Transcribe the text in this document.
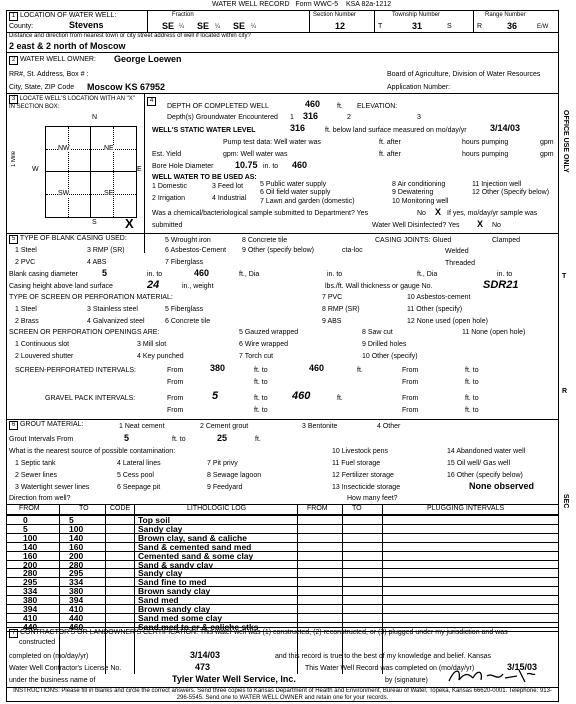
WATER WELL RECORD Form WWC-5 KSA 82a-1212
1 LOCATION OF WATER WELL:
County:	Stevens
Fraction
SE ¼ SE ¼ SE ¼
Section Number
12
Township Number
T	31	S
Range Number
R	36	E/W
Distance and direction from nearest town or city street address of well if located within city?
2 east & 2 north of Moscow
2 WATER WELL OWNER: George Loewen
RR#, St. Address, Box # :
City, State, ZIP Code Moscow KS 67952
Board of Agriculture, Division of Water Resources
Application Number:
3 LOCATE WELL'S LOCATION WITH AN "X" IN SECTION BOX:
N
S
W	E
1 Mile
NW	NE
SW	SE
X
4
DEPTH OF COMPLETED WELL	460 ft. ELEVATION:
Depth(s) Groundwater Encountered 1 316	2	3
WELL'S STATIC WATER LEVEL	316	ft. below land surface measured on mo/day/yr	3/14/03
Pump test data: Well water was	ft. after	hours pumping	gpm
Est. Yield	gpm: Well water was	ft. after	hours pumping	gpm
Bore Hole Diameter 10.75 in. to 460
WELL WATER TO BE USED AS:
1 Domestic	3 Feed lot 5 Public water supply	8 Air conditioning	11 Injection well
2 Irrigation	4 Industrial
6 Oil field water supply	9 Dewatering	12 Other (Specify below)
7 Lawn and garden (domestic)	10 Monitoring well
Was a chemical/bacteriological sample submitted to Department? Yes	No X If yes, mo/day/yr sample was
submitted	Water Well Disinfected? Yes X No
5 TYPE OF BLANK CASING USED:
1 Steel
2 PVC
3 RMP (SR)
4 ABS
5 Wrought iron
6 Asbestos-Cement
7 Fiberglass
8 Concrete tile
9 Other (specify below)	cta-loc
CASING JOINTS: Glued	Clamped
Welded
Threaded
Blank casing diameter	5	in. to	460	ft., Dia	in. to	ft., Dia	in. to
Casing height above land surface	24	in., weight	lbs./ft. Wall thickness or gauge No.	SDR21
TYPE OF SCREEN OR PERFORATION MATERIAL:
1 Steel	3 Stainless steel	5 Fiberglass
7 PVC	10 Asbestos-cement
2 Brass	4 Galvanized steel	6 Concrete tile
8 RMP (SR)	11 Other (specify)
9 ABS	12 None used (open hole)
SCREEN OR PERFORATION OPENINGS ARE:
1 Continuous slot	3 Mill slot
5 Gauzed wrapped	8 Saw cut	11 None (open hole)
2 Louvered shutter	4 Key punched
6 Wire wrapped	9 Drilled holes
7 Torch cut	10 Other (specify)
SCREEN-PERFORATED INTERVALS:	From	380	ft. to	460	ft.	From	ft. to
From	ft. to	From	ft. to
GRAVEL PACK INTERVALS:	From	5	ft. to 460	ft.	From	ft. to
From	ft. to	From	ft. to
6 GROUT MATERIAL:	1 Neat cement	2 Cement grout	3 Bentonite	4 Other
Grout Intervals From	5	ft. to	25	ft.
What is the nearest source of possible contamination:
1 Septic tank	4 Lateral lines	7 Pit privy
10 Livestock pens	14 Abandoned water well
2 Sewer lines	5 Cess pool	8 Sewage lagoon
11 Fuel storage	15 Oil well/ Gas well
3 Watertight sewer lines	6 Seepage pit	9 Feedyard
12 Fertilizer storage	16 Other (specify below)
13 Insecticide storage	None observed
Direction from well?	How many feet?
FROM	TO	CODE	LITHOLOGIC LOG	FROM	TO	PLUGGING INTERVALS
0	5	Top soil
5	100	Sandy clay
100	140	Brown clay, sand & caliche
140	160	Sand & cemented sand med
160	200	Cemented sand & some clay
200	280	Sand & sandy clay
280	295	Sandy clay
295	334	Sand fine to med
334	380	Brown sandy clay
380	394	Sand med
394	410	Brown sandy clay
410	440	Sand med some clay
440	460	Sand med to cr & caliche stks
7 CONTRACTOR'S OR LANDOWNER'S CERTIFICATION: This water well was (1) constructed, (2) reconstructed, or (3) plugged under my jurisdiction and was
constructed
completed on (mo/day/yr)	3/14/03	and this record is true to the best of my knowledge and belief. Kansas
Water Well Contractor's License No.	473	This Water Well Record was completed on (mo/day/yr)	3/15/03
under the business name of	Tyler Water Well Service, Inc.	by (signature)
INSTRUCTIONS: Please fill in blanks and circle the correct answers. Send three copies to Kansas Department of Health and Environment, Bureau of Water, Topeka, Kansas 66620-0001. Telephone: 913-296-5545. Send one to WATER WELL OWNER and retain one for your records.
OFFICE USE ONLY
T
R
SEC
